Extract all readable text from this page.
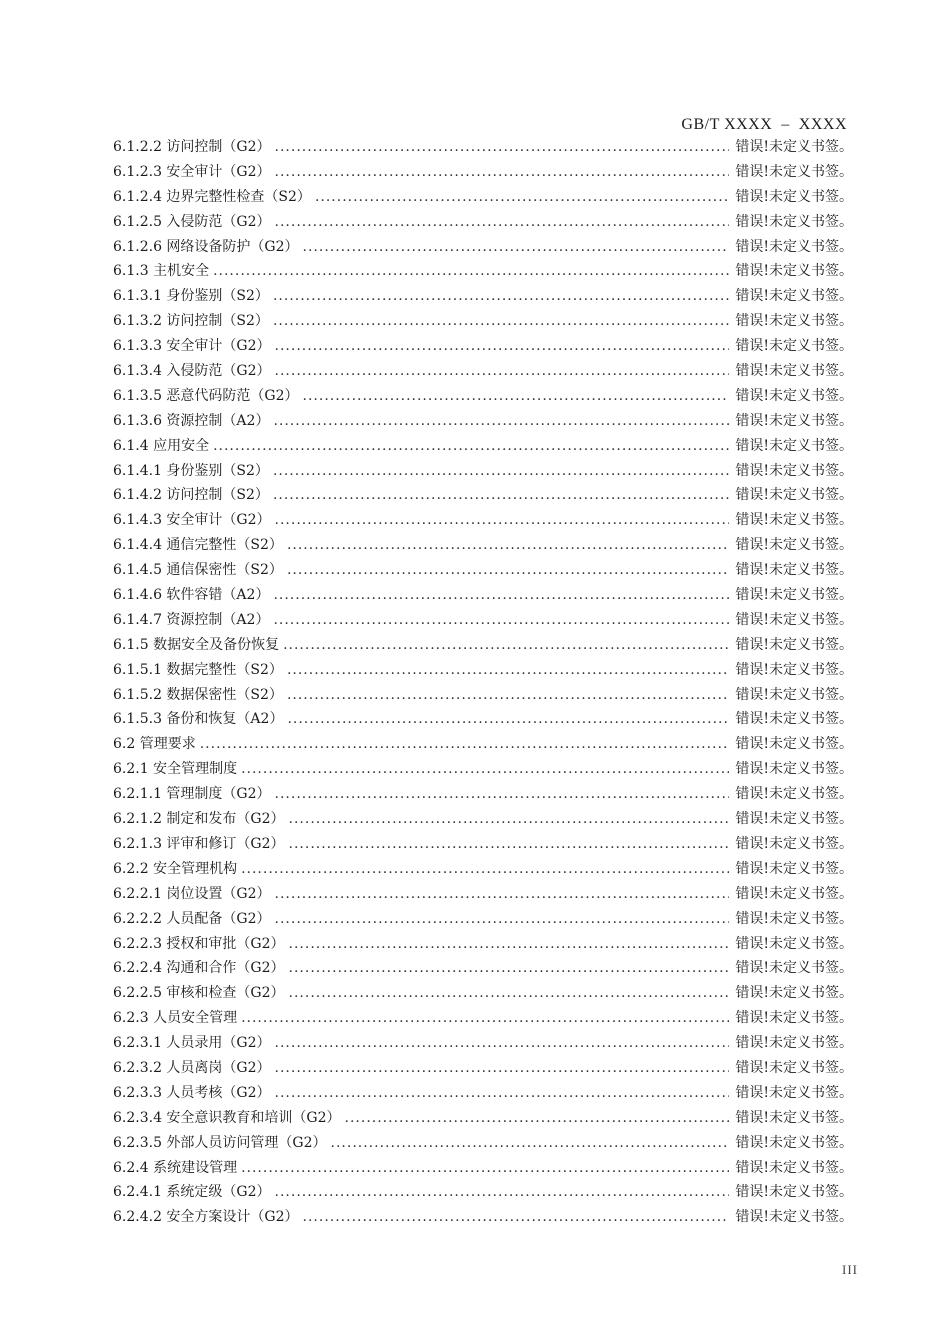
GB/T XXXX  –  XXXX
6.1.2.2 访问控制（G2） .....	错误!未定义书签。
6.1.2.3 安全审计（G2） .....	错误!未定义书签。
6.1.2.4 边界完整性检查（S2） .....	错误!未定义书签。
6.1.2.5 入侵防范（G2） .....	错误!未定义书签。
6.1.2.6 网络设备防护（G2） .....	错误!未定义书签。
6.1.3 主机安全 .....	错误!未定义书签。
6.1.3.1 身份鉴别（S2） .....	错误!未定义书签。
6.1.3.2 访问控制（S2） .....	错误!未定义书签。
6.1.3.3 安全审计（G2） .....	错误!未定义书签。
6.1.3.4 入侵防范（G2） .....	错误!未定义书签。
6.1.3.5 恶意代码防范（G2） .....	错误!未定义书签。
6.1.3.6 资源控制（A2） .....	错误!未定义书签。
6.1.4 应用安全 .....	错误!未定义书签。
6.1.4.1 身份鉴别（S2） .....	错误!未定义书签。
6.1.4.2 访问控制（S2） .....	错误!未定义书签。
6.1.4.3 安全审计（G2） .....	错误!未定义书签。
6.1.4.4 通信完整性（S2） .....	错误!未定义书签。
6.1.4.5 通信保密性（S2） .....	错误!未定义书签。
6.1.4.6 软件容错（A2） .....	错误!未定义书签。
6.1.4.7 资源控制（A2） .....	错误!未定义书签。
6.1.5 数据安全及备份恢复 .....	错误!未定义书签。
6.1.5.1 数据完整性（S2） .....	错误!未定义书签。
6.1.5.2 数据保密性（S2） .....	错误!未定义书签。
6.1.5.3 备份和恢复（A2） .....	错误!未定义书签。
6.2 管理要求 .....	错误!未定义书签。
6.2.1 安全管理制度 .....	错误!未定义书签。
6.2.1.1 管理制度（G2） .....	错误!未定义书签。
6.2.1.2 制定和发布（G2） .....	错误!未定义书签。
6.2.1.3 评审和修订（G2） .....	错误!未定义书签。
6.2.2 安全管理机构 .....	错误!未定义书签。
6.2.2.1 岗位设置（G2） .....	错误!未定义书签。
6.2.2.2 人员配备（G2） .....	错误!未定义书签。
6.2.2.3 授权和审批（G2） .....	错误!未定义书签。
6.2.2.4 沟通和合作（G2） .....	错误!未定义书签。
6.2.2.5 审核和检查（G2） .....	错误!未定义书签。
6.2.3 人员安全管理 .....	错误!未定义书签。
6.2.3.1 人员录用（G2） .....	错误!未定义书签。
6.2.3.2 人员离岗（G2） .....	错误!未定义书签。
6.2.3.3 人员考核（G2） .....	错误!未定义书签。
6.2.3.4 安全意识教育和培训（G2） .....	错误!未定义书签。
6.2.3.5 外部人员访问管理（G2） .....	错误!未定义书签。
6.2.4 系统建设管理 .....	错误!未定义书签。
6.2.4.1 系统定级（G2） .....	错误!未定义书签。
6.2.4.2 安全方案设计（G2） .....	错误!未定义书签。
III
